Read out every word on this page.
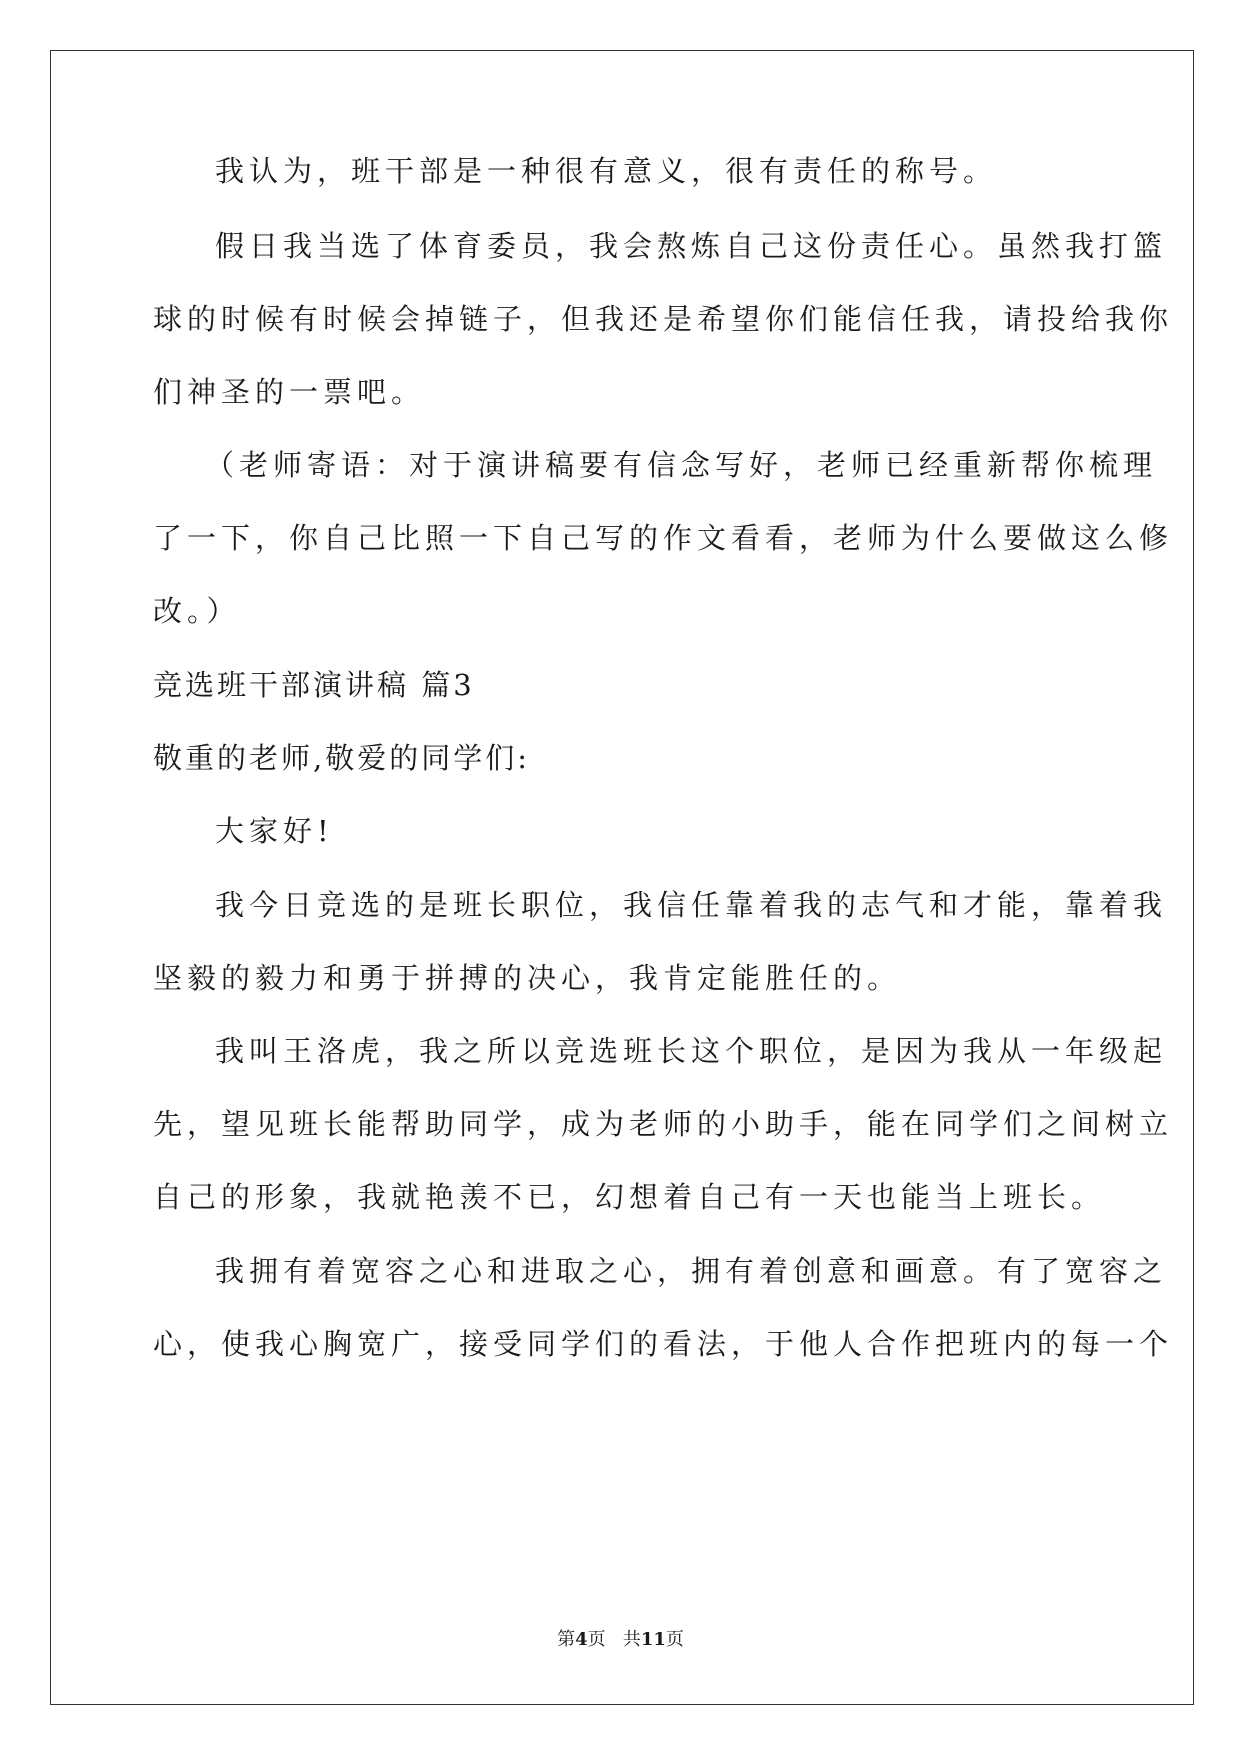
我认为，班干部是一种很有意义，很有责任的称号。
假日我当选了体育委员，我会熬炼自己这份责任心。虽然我打篮
球的时候有时候会掉链子，但我还是希望你们能信任我，请投给我你
们神圣的一票吧。
（老师寄语：对于演讲稿要有信念写好，老师已经重新帮你梳理
了一下，你自己比照一下自己写的作文看看，老师为什么要做这么修
改。）
竞选班干部演讲稿 篇3
敬重的老师,敬爱的同学们:
大家好!
我今日竞选的是班长职位，我信任靠着我的志气和才能，靠着我
坚毅的毅力和勇于拼搏的决心，我肯定能胜任的。
我叫王洛虎，我之所以竞选班长这个职位，是因为我从一年级起
先，望见班长能帮助同学，成为老师的小助手，能在同学们之间树立
自己的形象，我就艳羡不已，幻想着自己有一天也能当上班长。
我拥有着宽容之心和进取之心，拥有着创意和画意。有了宽容之
心，使我心胸宽广，接受同学们的看法，于他人合作把班内的每一个
第4页 共11页
